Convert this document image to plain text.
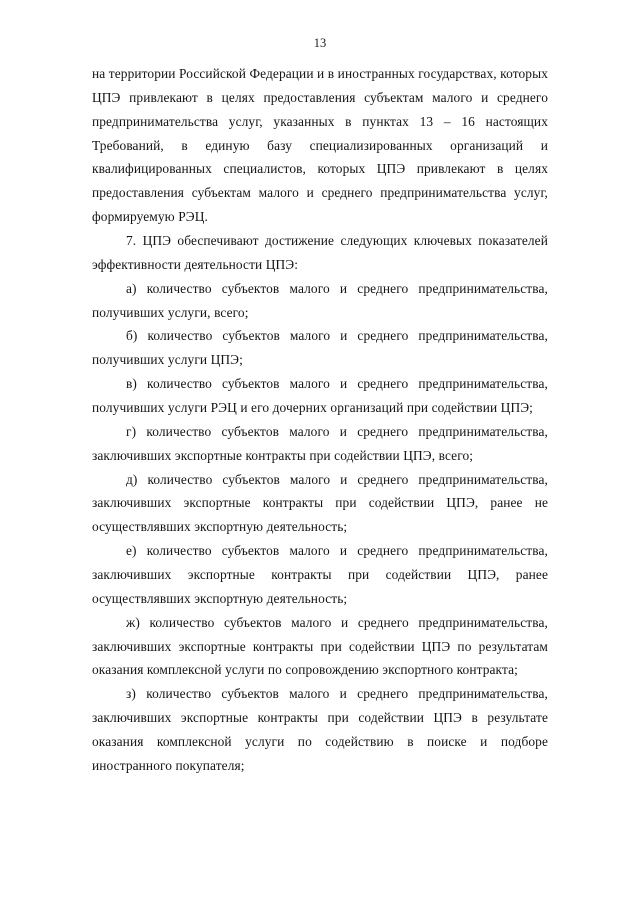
13

на территории Российской Федерации и в иностранных государствах, которых ЦПЭ привлекают в целях предоставления субъектам малого и среднего предпринимательства услуг, указанных в пунктах 13 – 16 настоящих Требований, в единую базу специализированных организаций и квалифицированных специалистов, которых ЦПЭ привлекают в целях предоставления субъектам малого и среднего предпринимательства услуг, формируемую РЭЦ.

7. ЦПЭ обеспечивают достижение следующих ключевых показателей эффективности деятельности ЦПЭ:

а) количество субъектов малого и среднего предпринимательства, получивших услуги, всего;

б) количество субъектов малого и среднего предпринимательства, получивших услуги ЦПЭ;

в) количество субъектов малого и среднего предпринимательства, получивших услуги РЭЦ и его дочерних организаций при содействии ЦПЭ;

г) количество субъектов малого и среднего предпринимательства, заключивших экспортные контракты при содействии ЦПЭ, всего;

д) количество субъектов малого и среднего предпринимательства, заключивших экспортные контракты при содействии ЦПЭ, ранее не осуществлявших экспортную деятельность;

е) количество субъектов малого и среднего предпринимательства, заключивших экспортные контракты при содействии ЦПЭ, ранее осуществлявших экспортную деятельность;

ж) количество субъектов малого и среднего предпринимательства, заключивших экспортные контракты при содействии ЦПЭ по результатам оказания комплексной услуги по сопровождению экспортного контракта;

з) количество субъектов малого и среднего предпринимательства, заключивших экспортные контракты при содействии ЦПЭ в результате оказания комплексной услуги по содействию в поиске и подборе иностранного покупателя;
